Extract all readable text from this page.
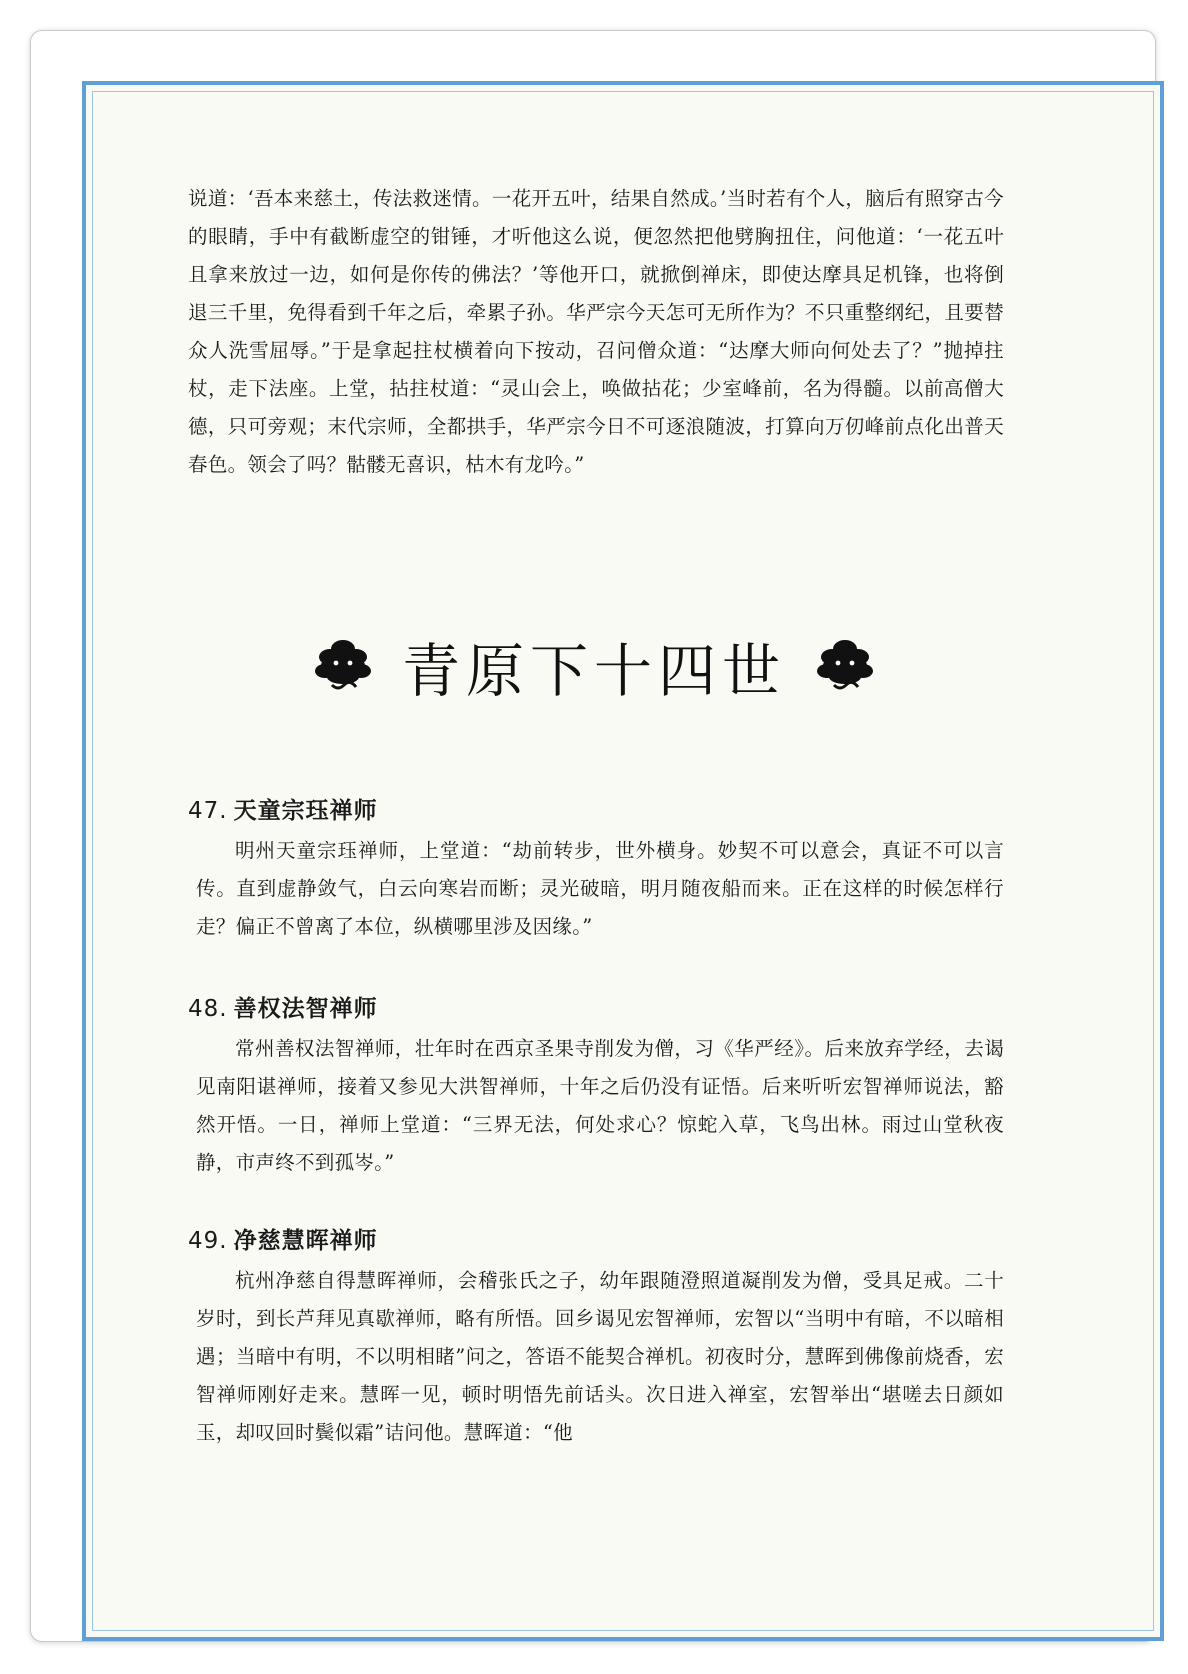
说道：‘吾本来慈土，传法救迷情。一花开五叶，结果自然成。’当时若有个人，脑后有照穿古今的眼睛，手中有截断虚空的钳锤，才听他这么说，便忽然把他劈胸扭住，问他道：‘一花五叶且拿来放过一边，如何是你传的佛法？’等他开口，就掀倒禅床，即使达摩具足机锋，也将倒退三千里，免得看到千年之后，牵累子孙。华严宗今天怎可无所作为？不只重整纲纪，且要替众人洗雪屈辱。”于是拿起拄杖横着向下按动，召问僧众道：“达摩大师向何处去了？”抛掉拄杖，走下法座。上堂，拈拄杖道：“灵山会上，唤做拈花；少室峰前，名为得髓。以前高僧大德，只可旁观；末代宗师，全都拱手，华严宗今日不可逐浪随波，打算向万仞峰前点化出普天春色。领会了吗？骷髅无喜识，枯木有龙吟。”
青原下十四世
47. 天童宗珏禅师
明州天童宗珏禅师，上堂道：“劫前转步，世外横身。妙契不可以意会，真证不可以言传。直到虚静敛气，白云向寒岩而断；灵光破暗，明月随夜船而来。正在这样的时候怎样行走？偏正不曾离了本位，纵横哪里涉及因缘。”
48. 善权法智禅师
常州善权法智禅师，壮年时在西京圣果寺削发为僧，习《华严经》。后来放弃学经，去谒见南阳谌禅师，接着又参见大洪智禅师，十年之后仍没有证悟。后来听听宏智禅师说法，豁然开悟。一日，禅师上堂道：“三界无法，何处求心？惊蛇入草，飞鸟出林。雨过山堂秋夜静，市声终不到孤岑。”
49. 净慈慧晖禅师
杭州净慈自得慧晖禅师，会稽张氏之子，幼年跟随澄照道凝削发为僧，受具足戒。二十岁时，到长芦拜见真歇禅师，略有所悟。回乡谒见宏智禅师，宏智以“当明中有暗，不以暗相遇；当暗中有明，不以明相睹”问之，答语不能契合禅机。初夜时分，慧晖到佛像前烧香，宏智禅师刚好走来。慧晖一见，顿时明悟先前话头。次日进入禅室，宏智举出“堪嗟去日颜如玉，却叹回时鬓似霜”诘问他。慧晖道：“他
